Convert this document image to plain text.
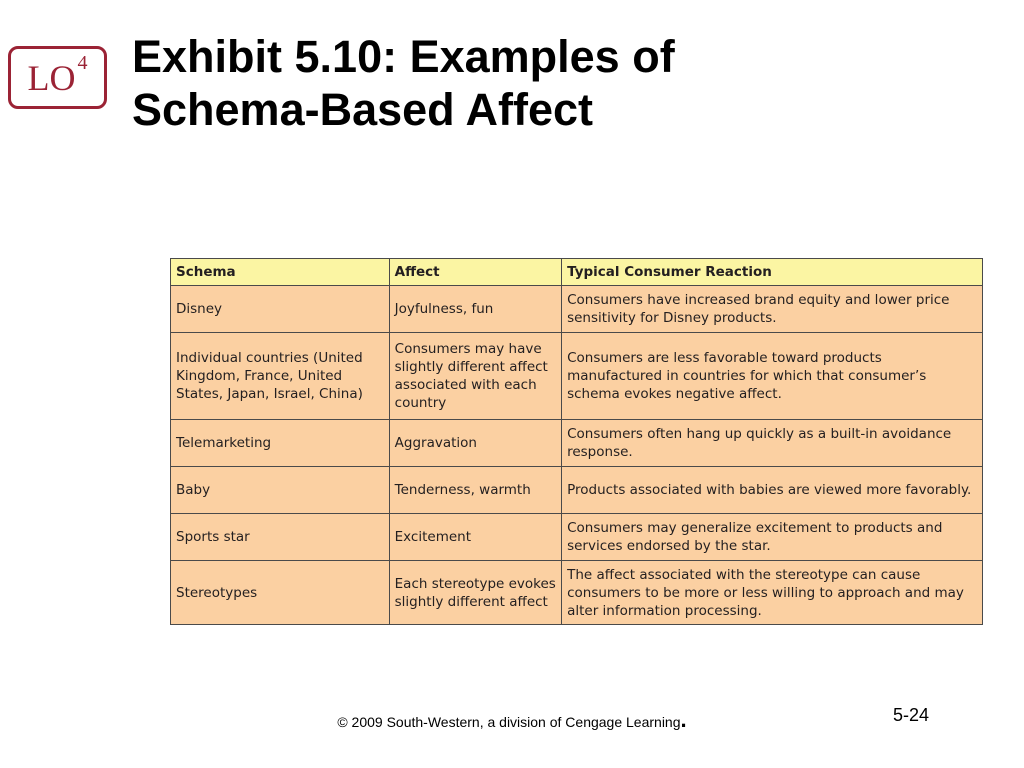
LO 4 Exhibit 5.10: Examples of
Schema-Based Affect
Schema	Affect	Typical Consumer Reaction
Disney	Joyfulness, fun	Consumers have increased brand equity and lower price sensitivity for Disney products.
Individual countries (United Kingdom, France, United States, Japan, Israel, China)	Consumers may have slightly different affect associated with each country	Consumers are less favorable toward products manufactured in countries for which that consumer’s schema evokes negative affect.
Telemarketing	Aggravation	Consumers often hang up quickly as a built-in avoidance response.
Baby	Tenderness, warmth	Products associated with babies are viewed more favorably.
Sports star	Excitement	Consumers may generalize excitement to products and services endorsed by the star.
Stereotypes	Each stereotype evokes slightly different affect	The affect associated with the stereotype can cause consumers to be more or less willing to approach and may alter information processing.
© 2009 South-Western, a division of Cengage Learning.	5-24
